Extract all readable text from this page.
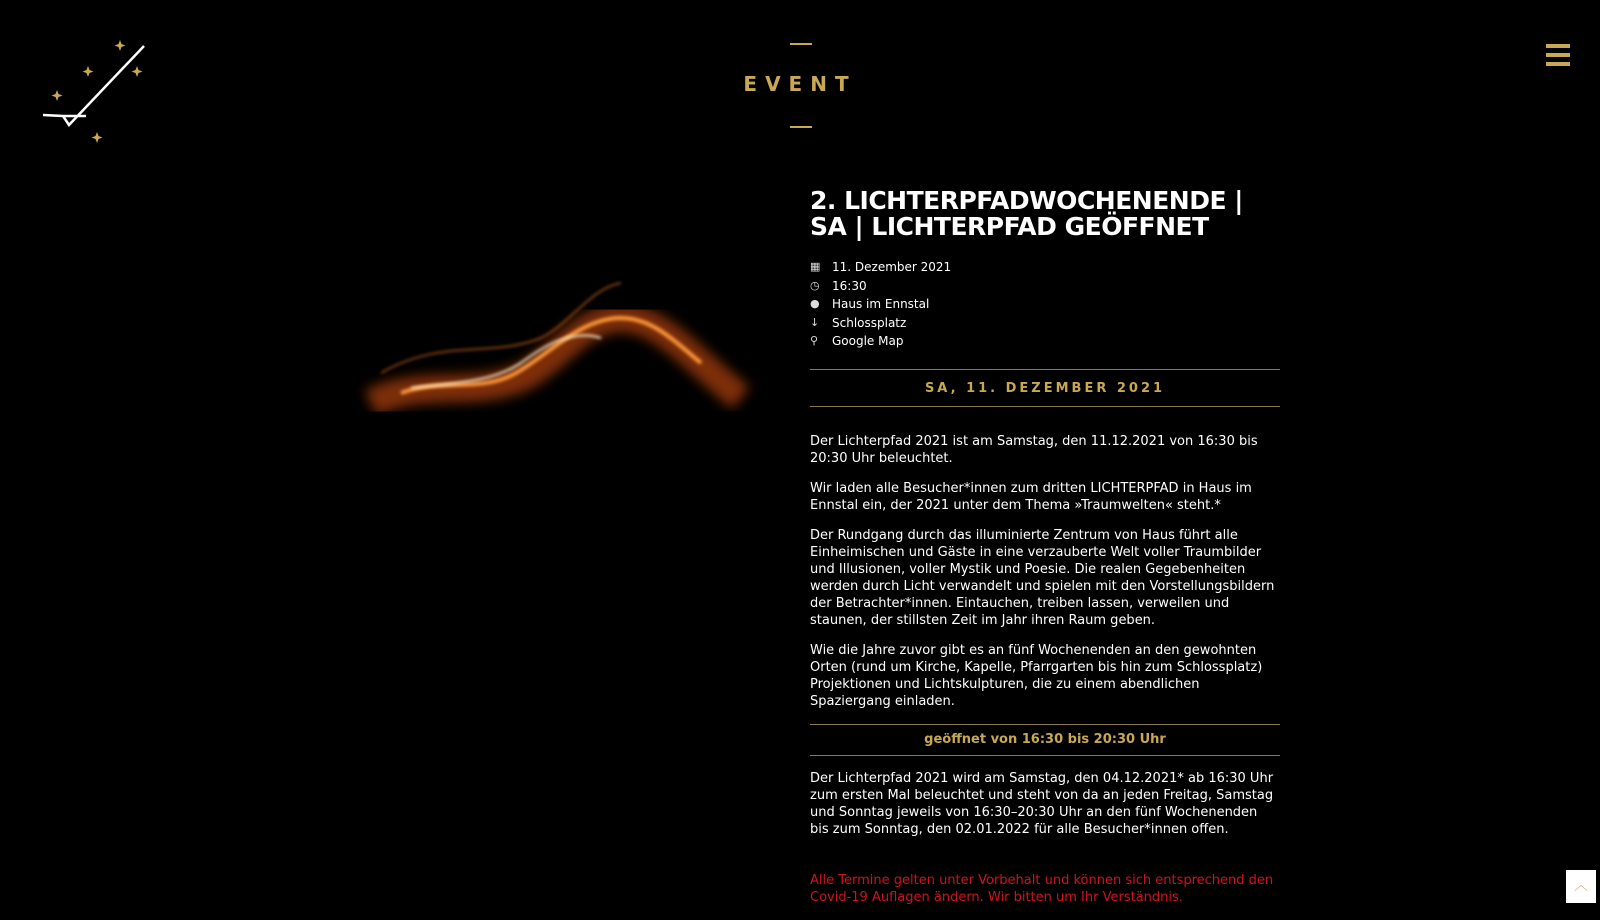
EVENT
2. LICHTERPFADWOCHENENDE | SA | LICHTERPFAD GEÖFFNET
▦ 11. Dezember 2021
◷	16:30
●	Haus im Ennstal
↓	Schlossplatz
⚲	Google Map
SA, 11. DEZEMBER 2021

Der Lichterpfad 2021 ist am Samstag, den 11.12.2021 von 16:30 bis 20:30 Uhr beleuchtet.

Wir laden alle Besucher*innen zum dritten LICHTERPFAD in Haus im Ennstal ein, der 2021 unter dem Thema »Traumwelten« steht.*

Der Rundgang durch das illuminierte Zentrum von Haus führt alle Einheimischen und Gäste in eine verzauberte Welt voller Traumbilder und Illusionen, voller Mystik und Poesie. Die realen Gegebenheiten werden durch Licht verwandelt und spielen mit den Vorstellungsbildern der Betrachter*innen. Eintauchen, treiben lassen, verweilen und staunen, der stillsten Zeit im Jahr ihren Raum geben.

Wie die Jahre zuvor gibt es an fünf Wochenenden an den gewohnten Orten (rund um Kirche, Kapelle, Pfarrgarten bis hin zum Schlossplatz) Projektionen und Lichtskulpturen, die zu einem abendlichen Spaziergang einladen.

geöffnet von 16:30 bis 20:30 Uhr

Der Lichterpfad 2021 wird am Samstag, den 04.12.2021* ab 16:30 Uhr zum ersten Mal beleuchtet und steht von da an jeden Freitag, Samstag und Sonntag jeweils von 16:30–20:30 Uhr an den fünf Wochenenden bis zum Sonntag, den 02.01.2022 für alle Besucher*innen offen.

Alle Termine gelten unter Vorbehalt und können sich entsprechend den Covid-19 Auflagen ändern. Wir bitten um Ihr Verständnis.

︿
